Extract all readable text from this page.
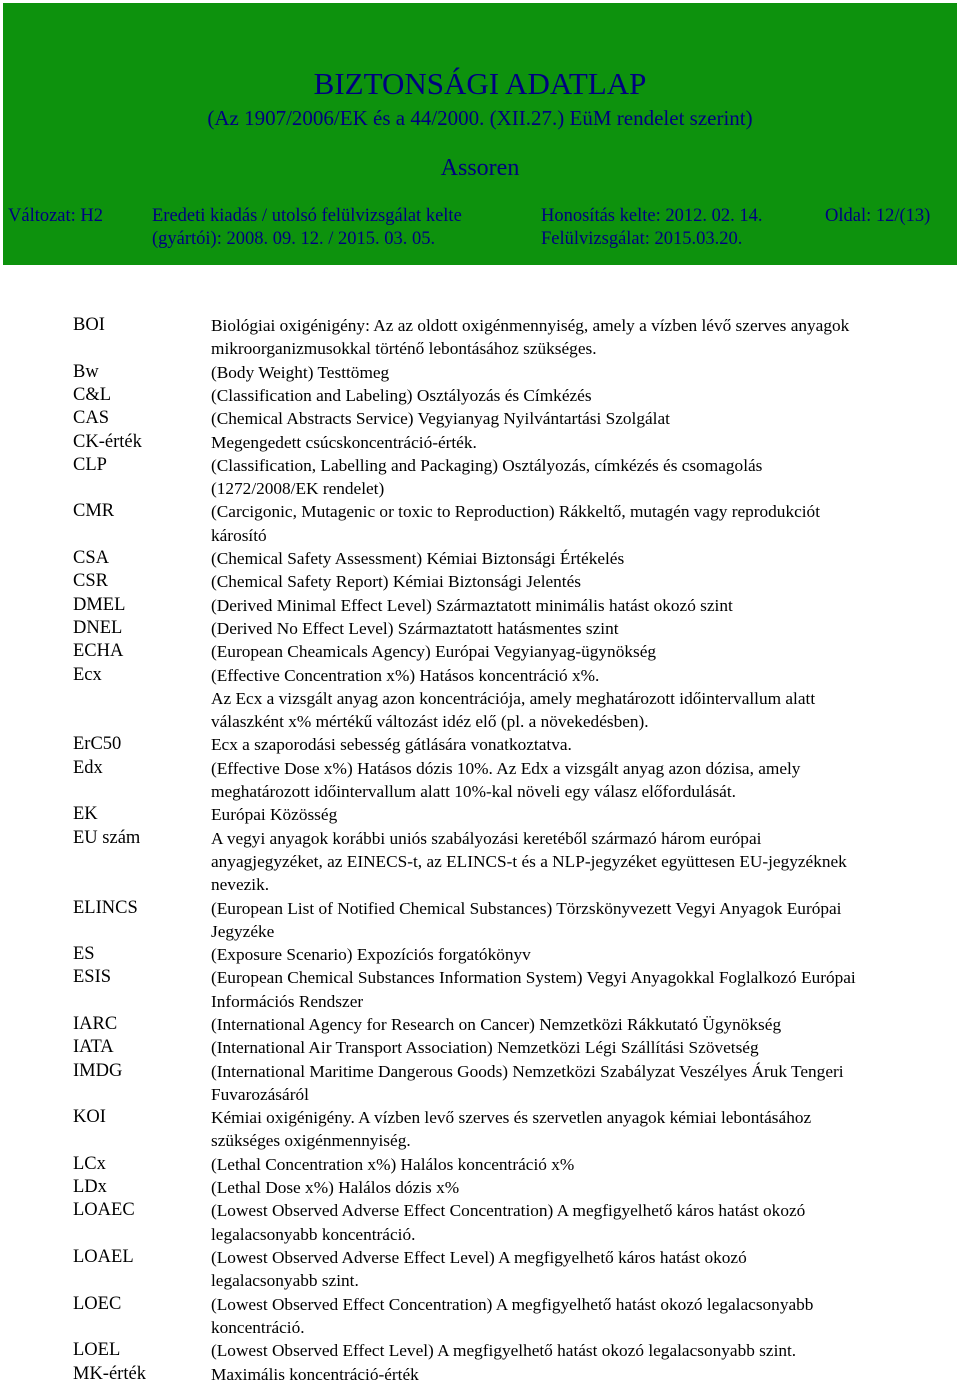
BIZTONSÁGI ADATLAP
(Az 1907/2006/EK és a 44/2000. (XII.27.) EüM rendelet szerint)
Assoren
Változat: H2	Eredeti kiadás / utolsó felülvizsgálat kelte
(gyártói): 2008. 09. 12. / 2015. 03. 05.
Honosítás kelte: 2012. 02. 14.
Felülvizsgálat: 2015.03.20.
Oldal: 12/(13)
BOI	Biológiai oxigénigény: Az az oldott oxigénmennyiség, amely a vízben lévő szerves anyagok
mikroorganizmusokkal történő lebontásához szükséges.
Bw	(Body Weight) Testtömeg
C&L	(Classification and Labeling) Osztályozás és Címkézés
CAS	(Chemical Abstracts Service) Vegyianyag Nyilvántartási Szolgálat
CK-érték	Megengedett csúcskoncentráció-érték.
CLP	(Classification, Labelling and Packaging) Osztályozás, címkézés és csomagolás
(1272/2008/EK rendelet)
CMR	(Carcigonic, Mutagenic or toxic to Reproduction) Rákkeltő, mutagén vagy reprodukciót
károsító
CSA	(Chemical Safety Assessment) Kémiai Biztonsági Értékelés
CSR	(Chemical Safety Report) Kémiai Biztonsági Jelentés
DMEL	(Derived Minimal Effect Level) Származtatott minimális hatást okozó szint
DNEL	(Derived No Effect Level) Származtatott hatásmentes szint
ECHA	(European Cheamicals Agency) Európai Vegyianyag-ügynökség
Ecx	(Effective Concentration x%) Hatásos koncentráció x%.
Az Ecx a vizsgált anyag azon koncentrációja, amely meghatározott időintervallum alatt
válaszként x% mértékű változást idéz elő (pl. a növekedésben).
ErC50	Ecx a szaporodási sebesség gátlására vonatkoztatva.
Edx	(Effective Dose x%) Hatásos dózis 10%. Az Edx a vizsgált anyag azon dózisa, amely
meghatározott időintervallum alatt 10%-kal növeli egy válasz előfordulását.
EK	Európai Közösség
EU szám	A vegyi anyagok korábbi uniós szabályozási keretéből származó három európai
anyagjegyzéket, az EINECS-t, az ELINCS-t és a NLP-jegyzéket együttesen EU-jegyzéknek
nevezik.
ELINCS	(European List of Notified Chemical Substances) Törzskönyvezett Vegyi Anyagok Európai
Jegyzéke
ES	(Exposure Scenario) Expozíciós forgatókönyv
ESIS	(European Chemical Substances Information System) Vegyi Anyagokkal Foglalkozó Európai
Információs Rendszer
IARC	(International Agency for Research on Cancer) Nemzetközi Rákkutató Ügynökség
IATA	(International Air Transport Association) Nemzetközi Légi Szállítási Szövetség
IMDG	(International Maritime Dangerous Goods) Nemzetközi Szabályzat Veszélyes Áruk Tengeri
Fuvarozásáról
KOI	Kémiai oxigénigény. A vízben levő szerves és szervetlen anyagok kémiai lebontásához
szükséges oxigénmennyiség.
LCx	(Lethal Concentration x%) Halálos koncentráció x%
LDx	(Lethal Dose x%) Halálos dózis x%
LOAEC	(Lowest Observed Adverse Effect Concentration) A megfigyelhető káros hatást okozó
legalacsonyabb koncentráció.
LOAEL	(Lowest Observed Adverse Effect Level) A megfigyelhető káros hatást okozó
legalacsonyabb szint.
LOEC	(Lowest Observed Effect Concentration) A megfigyelhető hatást okozó legalacsonyabb
koncentráció.
LOEL	(Lowest Observed Effect Level) A megfigyelhető hatást okozó legalacsonyabb szint.
MK-érték	Maximális koncentráció-érték
